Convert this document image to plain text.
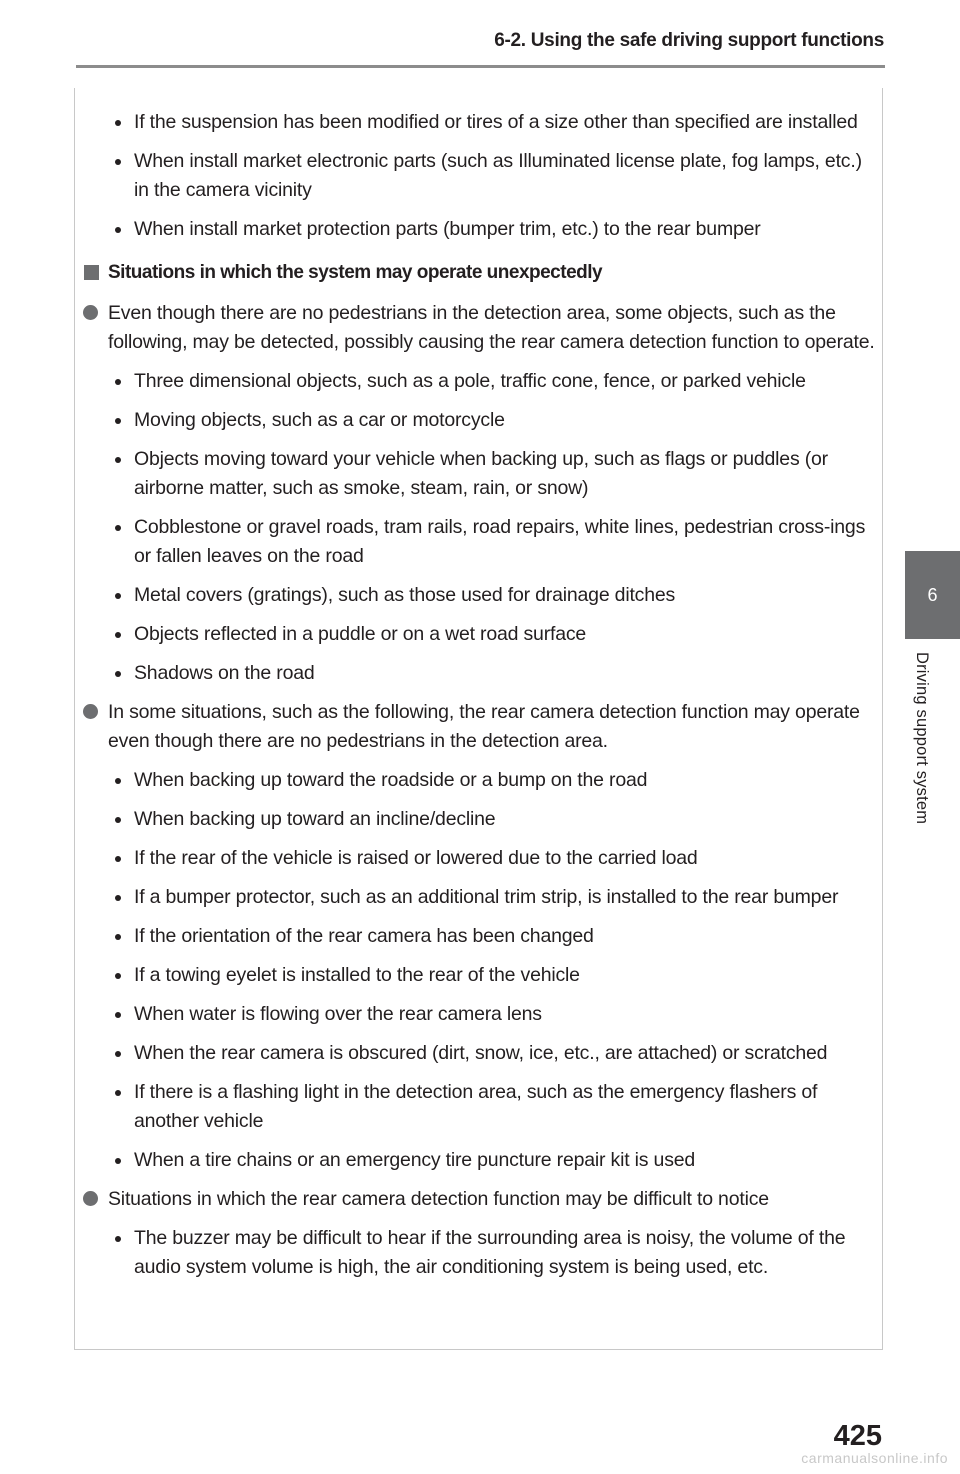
6-2. Using the safe driving support functions
If the suspension has been modified or tires of a size other than specified are installed
When install market electronic parts (such as Illuminated license plate, fog lamps, etc.) in the camera vicinity
When install market protection parts (bumper trim, etc.) to the rear bumper
Situations in which the system may operate unexpectedly
Even though there are no pedestrians in the detection area, some objects, such as the following, may be detected, possibly causing the rear camera detection function to operate.
Three dimensional objects, such as a pole, traffic cone, fence, or parked vehicle
Moving objects, such as a car or motorcycle
Objects moving toward your vehicle when backing up, such as flags or puddles (or airborne matter, such as smoke, steam, rain, or snow)
Cobblestone or gravel roads, tram rails, road repairs, white lines, pedestrian cross-ings or fallen leaves on the road
Metal covers (gratings), such as those used for drainage ditches
Objects reflected in a puddle or on a wet road surface
Shadows on the road
In some situations, such as the following, the rear camera detection function may operate even though there are no pedestrians in the detection area.
When backing up toward the roadside or a bump on the road
When backing up toward an incline/decline
If the rear of the vehicle is raised or lowered due to the carried load
If a bumper protector, such as an additional trim strip, is installed to the rear bumper
If the orientation of the rear camera has been changed
If a towing eyelet is installed to the rear of the vehicle
When water is flowing over the rear camera lens
When the rear camera is obscured (dirt, snow, ice, etc., are attached) or scratched
If there is a flashing light in the detection area, such as the emergency flashers of another vehicle
When a tire chains or an emergency tire puncture repair kit is used
Situations in which the rear camera detection function may be difficult to notice
The buzzer may be difficult to hear if the surrounding area is noisy, the volume of the audio system volume is high, the air conditioning system is being used, etc.
6
Driving support system
425
carmanualsonline.info
